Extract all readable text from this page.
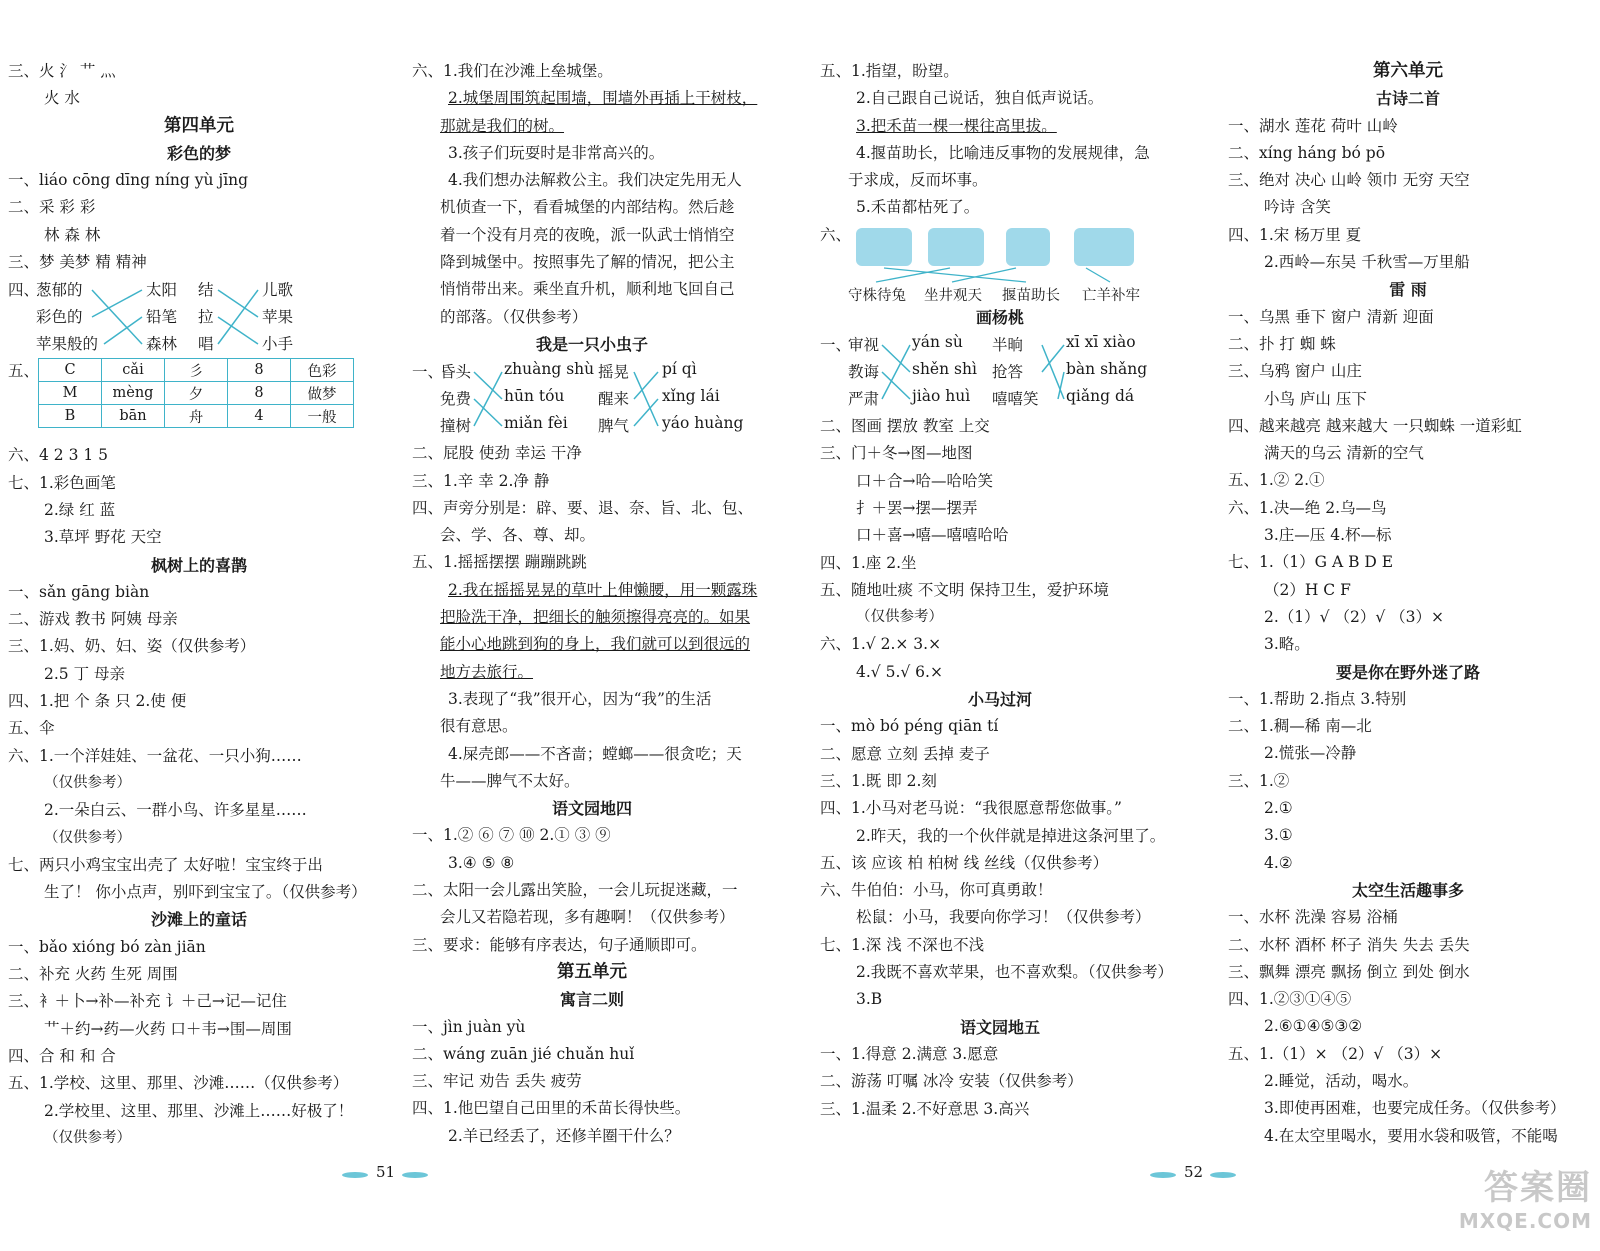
三、火 氵 艹 灬
火 水
第四单元
彩色的梦
一、liáo cōng dīng níng yù jīng
二、采 彩 彩
林 森 林
三、梦 美梦 精 精神
四、
葱郁的	太阳 结	儿歌
彩色的	铅笔 拉	苹果
苹果般的	森林 唱	小手
五、 C	cǎi	彡	8	色彩
M	mèng	夕	8	做梦
B	bān	舟	4	一般
六、4 2 3 1 5
七、1.彩色画笔
2.绿 红 蓝
3.草坪 野花 天空
枫树上的喜鹊
一、sǎn gāng biàn
二、游戏 教书 阿姨 母亲
三、1.妈、奶、妇、姿（仅供参考）
2.5 丁 母亲
四、1.把 个 条 只 2.使 便
五、伞
六、1.一个洋娃娃、一盆花、一只小狗……
（仅供参考）
2.一朵白云、一群小鸟、许多星星……
（仅供参考）
七、两只小鸡宝宝出壳了 太好啦！宝宝终于出
生了！ 你小点声，别吓到宝宝了。（仅供参考）
沙滩上的童话
一、bǎo xióng bó zàn jiān
二、补充 火药 生死 周围
三、衤＋卜→补—补充 讠＋己→记—记住
艹＋约→药—火药 口＋韦→围—周围
四、合 和 和 合
五、1.学校、这里、那里、沙滩……（仅供参考）
2.学校里、这里、那里、沙滩上……好极了！
（仅供参考）
六、1.我们在沙滩上垒城堡。
2.城堡周围筑起围墙，围墙外再插上干树枝，
那就是我们的树。
3.孩子们玩耍时是非常高兴的。
4.我们想办法解救公主。我们决定先用无人
机侦查一下，看看城堡的内部结构。然后趁
着一个没有月亮的夜晚，派一队武士悄悄空
降到城堡中。按照事先了解的情况，把公主
悄悄带出来。乘坐直升机，顺利地飞回自己
的部落。（仅供参考）
我是一只小虫子
一、
昏头 zhuàng shù 摇晃 pí qì
免费 hūn tóu 醒来 xǐng lái
撞树 miǎn fèi 脾气 yáo huàng
二、屁股 使劲 幸运 干净
三、1.辛 幸 2.净 静
四、声旁分别是：辟、要、退、奈、旨、北、包、
会、学、各、尊、却。
五、1.摇摇摆摆 蹦蹦跳跳
2.我在摇摇晃晃的草叶上伸懒腰，用一颗露珠
把脸洗干净，把细长的触须擦得亮亮的。如果
能小心地跳到狗的身上，我们就可以到很远的
地方去旅行。
3.表现了“我”很开心，因为“我”的生活
很有意思。
4.屎壳郎——不吝啬；螳螂——很贪吃；天
牛——脾气不太好。
语文园地四
一、1.② ⑥ ⑦ ⑩ 2.① ③ ⑨
3.④ ⑤ ⑧
二、太阳一会儿露出笑脸，一会儿玩捉迷藏，一
会儿又若隐若现，多有趣啊！（仅供参考）
三、要求：能够有序表达，句子通顺即可。
第五单元
寓言二则
一、jìn juàn yù
二、wáng zuān jié chuǎn huǐ
三、牢记 劝告 丢失 疲劳
四、1.他巴望自己田里的禾苗长得快些。
2.羊已经丢了，还修羊圈干什么？
五、1.指望，盼望。
2.自己跟自己说话，独自低声说话。
3.把禾苗一棵一棵往高里拔。
4.揠苗助长，比喻违反事物的发展规律，急
于求成，反而坏事。
5.禾苗都枯死了。
六、
守株待兔 坐井观天 揠苗助长 亡羊补牢
画杨桃
一、
审视 yán sù 半晌	xī xī xiào
教诲 shěn shì 抢答	bàn shǎng
严肃 jiào huì 嘻嘻笑 qiǎng dá
二、图画 摆放 教室 上交
三、门＋冬→图—地图
口＋合→哈—哈哈笑
扌＋罢→摆—摆弄
口＋喜→嘻—嘻嘻哈哈
四、1.座 2.坐
五、随地吐痰 不文明 保持卫生，爱护环境
（仅供参考）
六、1.√ 2.× 3.×
4.√ 5.√ 6.×
小马过河
一、mò bó péng qiān tí
二、愿意 立刻 丢掉 麦子
三、1.既 即 2.刻
四、1.小马对老马说：“我很愿意帮您做事。”
2.昨天，我的一个伙伴就是掉进这条河里了。
五、该 应该 柏 柏树 线 丝线（仅供参考）
六、牛伯伯：小马，你可真勇敢！
松鼠：小马，我要向你学习！（仅供参考）
七、1.深 浅 不深也不浅
2.我既不喜欢苹果，也不喜欢梨。（仅供参考）
3.B
语文园地五
一、1.得意 2.满意 3.愿意
二、游荡 叮嘱 冰冷 安装（仅供参考）
三、1.温柔 2.不好意思 3.高兴
第六单元
古诗二首
一、湖水 莲花 荷叶 山岭
二、xíng háng bó pō
三、绝对 决心 山岭 领巾 无穷 天空
吟诗 含笑
四、1.宋 杨万里 夏
2.西岭—东吴 千秋雪—万里船
雷 雨
一、乌黑 垂下 窗户 清新 迎面
二、扑 打 蜘 蛛
三、乌鸦 窗户 山庄
小鸟 庐山 压下
四、越来越亮 越来越大 一只蜘蛛 一道彩虹
满天的乌云 清新的空气
五、1.② 2.①
六、1.决—绝 2.乌—鸟
3.庄—压 4.杯—标
七、1.（1）G A B D E
（2）H C F
2.（1）√ （2）√ （3）×
3.略。
要是你在野外迷了路
一、1.帮助 2.指点 3.特别
二、1.稠—稀 南—北
2.慌张—冷静
三、1.②
2.①
3.①
4.②
太空生活趣事多
一、水杯 洗澡 容易 浴桶
二、水杯 酒杯 杯子 消失 失去 丢失
三、飘舞 漂亮 飘扬 倒立 到处 倒水
四、1.②③①④⑤
2.⑥①④⑤③②
五、1.（1）× （2）√ （3）×
2.睡觉，活动，喝水。
3.即使再困难，也要完成任务。（仅供参考）
4.在太空里喝水，要用水袋和吸管，不能喝
51	52	答案圈
MXQE.COM
